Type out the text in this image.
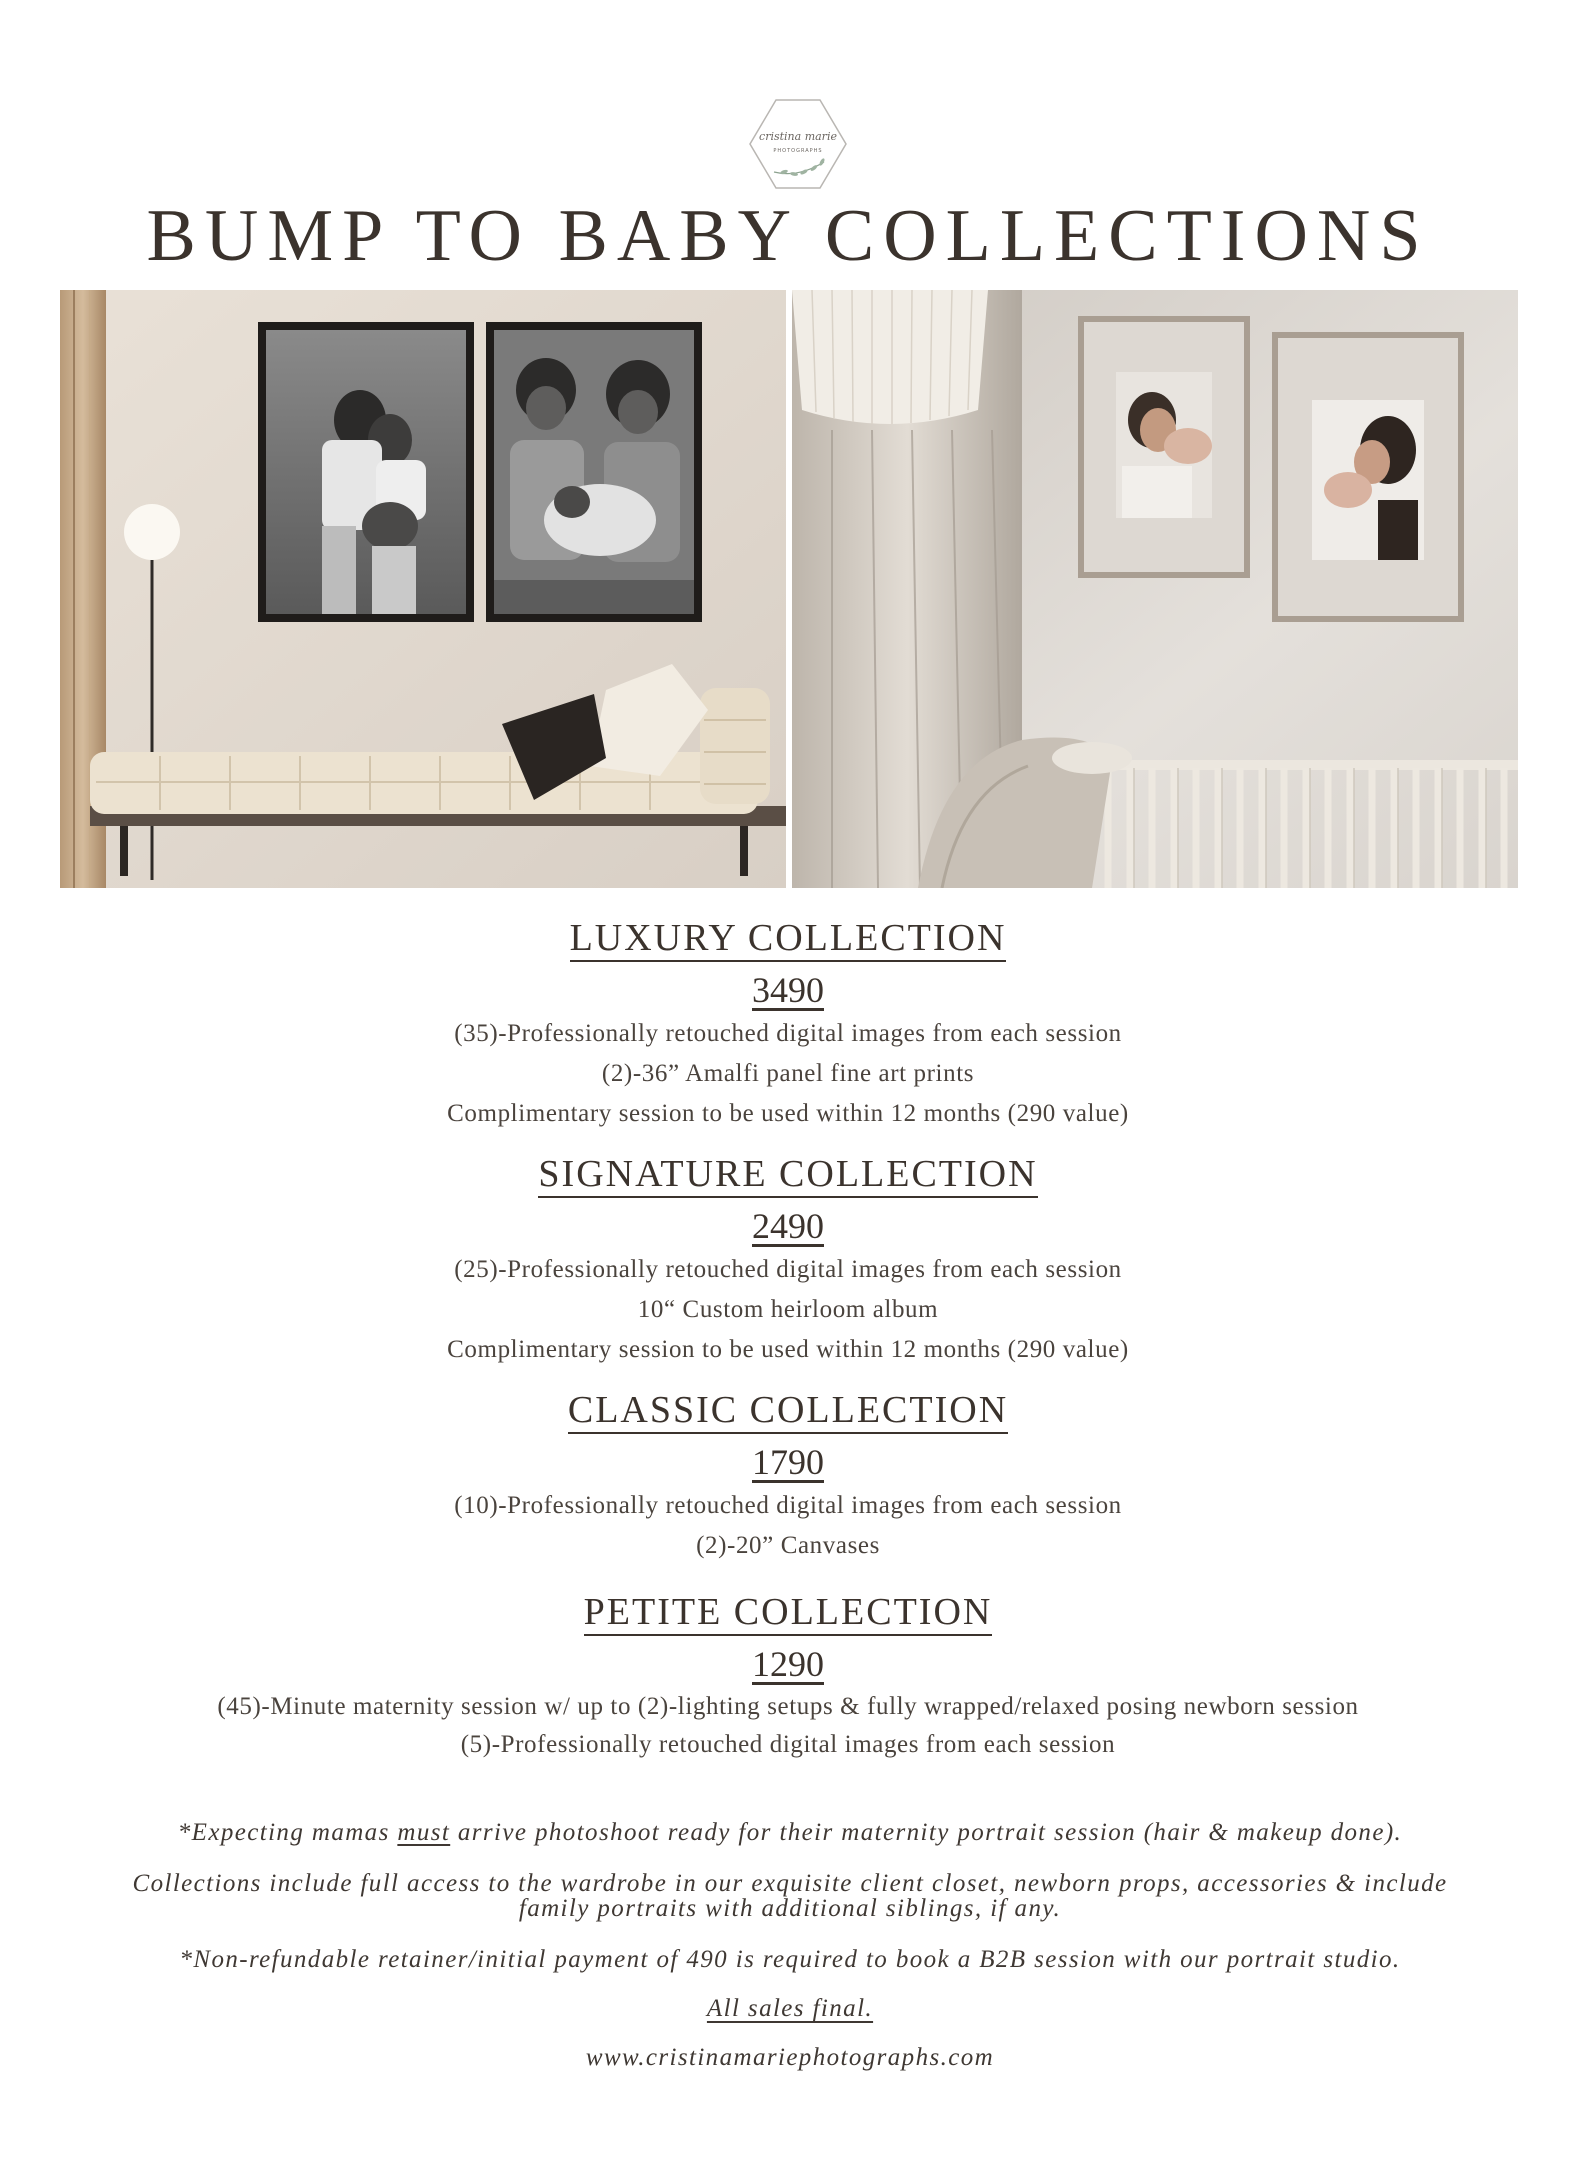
cristina marie
PHOTOGRAPHS
BUMP TO BABY COLLECTIONS
LUXURY COLLECTION
3490
(35)-Professionally retouched digital images from each session
(2)-36” Amalfi panel fine art prints
Complimentary session to be used within 12 months (290 value)
SIGNATURE COLLECTION
2490
(25)-Professionally retouched digital images from each session
10“ Custom heirloom album
Complimentary session to be used within 12 months (290 value)
CLASSIC COLLECTION
1790
(10)-Professionally retouched digital images from each session
(2)-20” Canvases
PETITE COLLECTION
1290
(45)-Minute maternity session w/ up to (2)-lighting setups & fully wrapped/relaxed posing newborn session
(5)-Professionally retouched digital images from each session

*Expecting mamas must arrive photoshoot ready for their maternity portrait session (hair & makeup done).

Collections include full access to the wardrobe in our exquisite client closet, newborn props, accessories & include family portraits with additional siblings, if any.

*Non-refundable retainer/initial payment of 490 is required to book a B2B session with our portrait studio.

All sales final.

www.cristinamariephotographs.com
